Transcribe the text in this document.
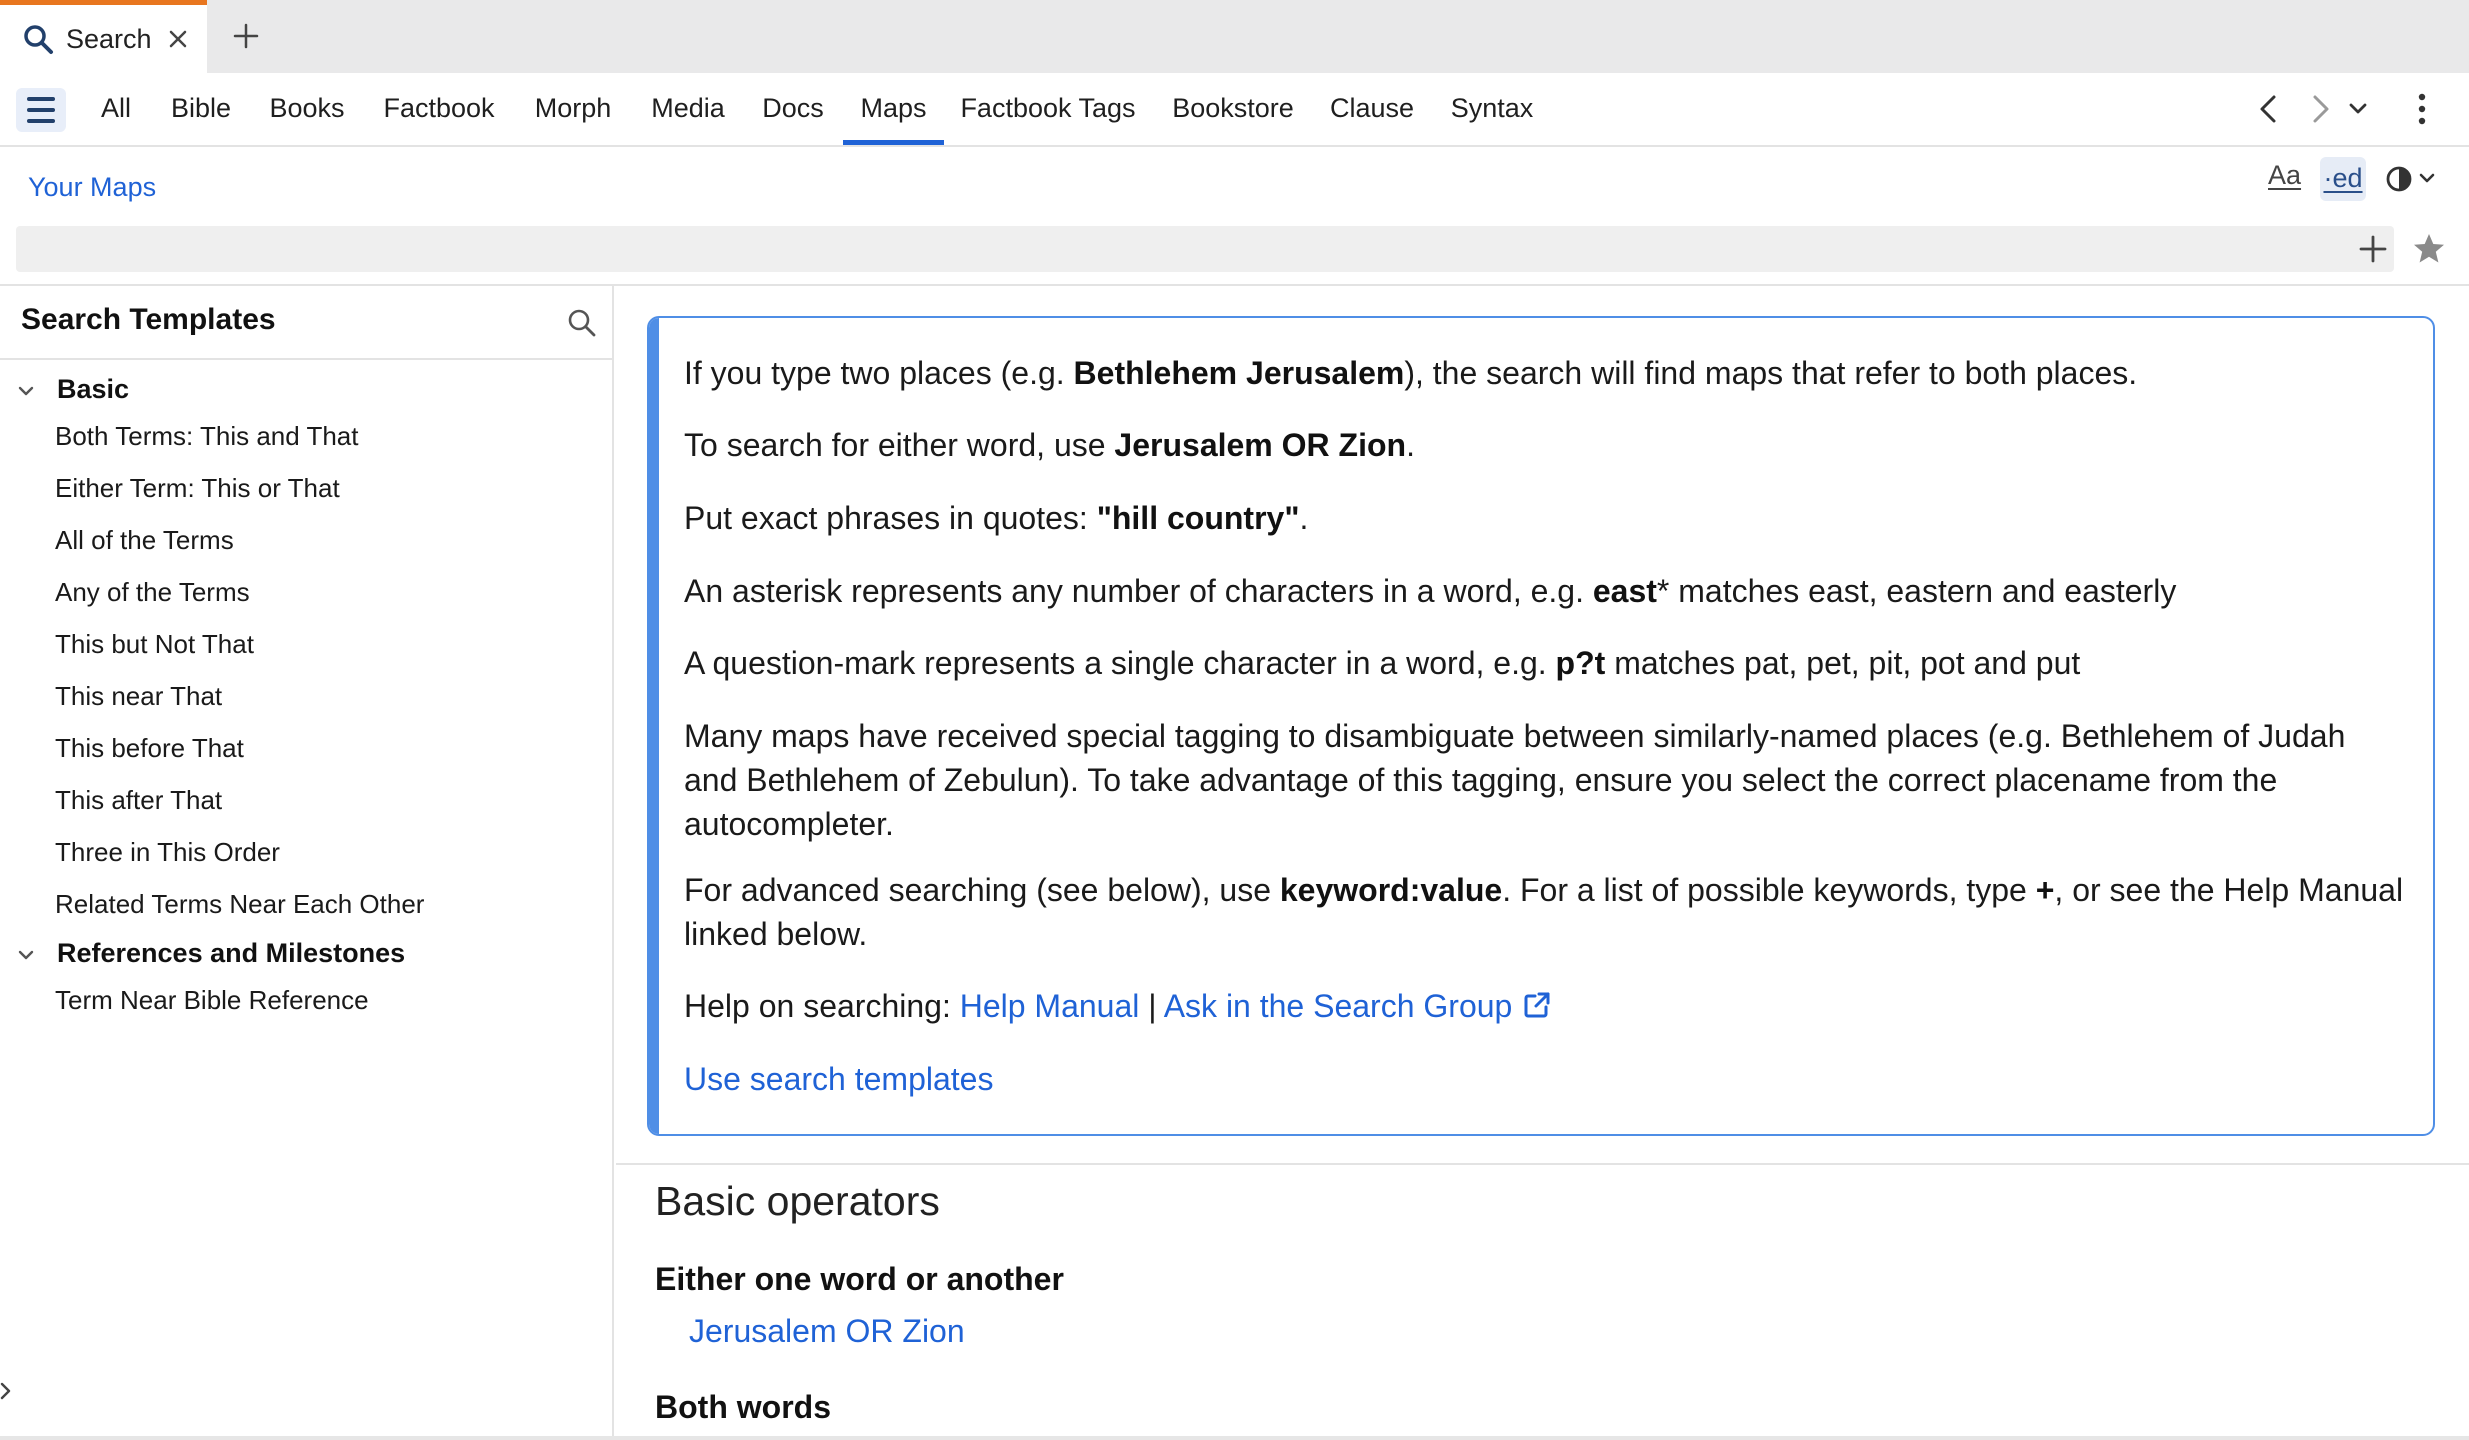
Search
All Bible Books Factbook Morph Media Docs	Maps	Factbook Tags Bookstore Clause Syntax
Your Maps	Aa ·ed
Search Templates
Basic
Both Terms: This and That
Either Term: This or That
All of the Terms
Any of the Terms
This but Not That
This near That
This before That
This after That
Three in This Order
Related Terms Near Each Other
References and Milestones
Term Near Bible Reference

If you type two places (e.g. Bethlehem Jerusalem), the search will find maps that refer to both places.

To search for either word, use Jerusalem OR Zion.

Put exact phrases in quotes: "hill country".

An asterisk represents any number of characters in a word, e.g. east* matches east, eastern and easterly

A question-mark represents a single character in a word, e.g. p?t matches pat, pet, pit, pot and put

Many maps have received special tagging to disambiguate between similarly-named places (e.g. Bethlehem of Judah and Bethlehem of Zebulun). To take advantage of this tagging, ensure you select the correct placename from the autocompleter.

For advanced searching (see below), use keyword:value. For a list of possible keywords, type +, or see the Help Manual linked below.

Help on searching: Help Manual | Ask in the Search Group

Use search templates

Basic operators
Either one word or another
Jerusalem OR Zion
Both words
